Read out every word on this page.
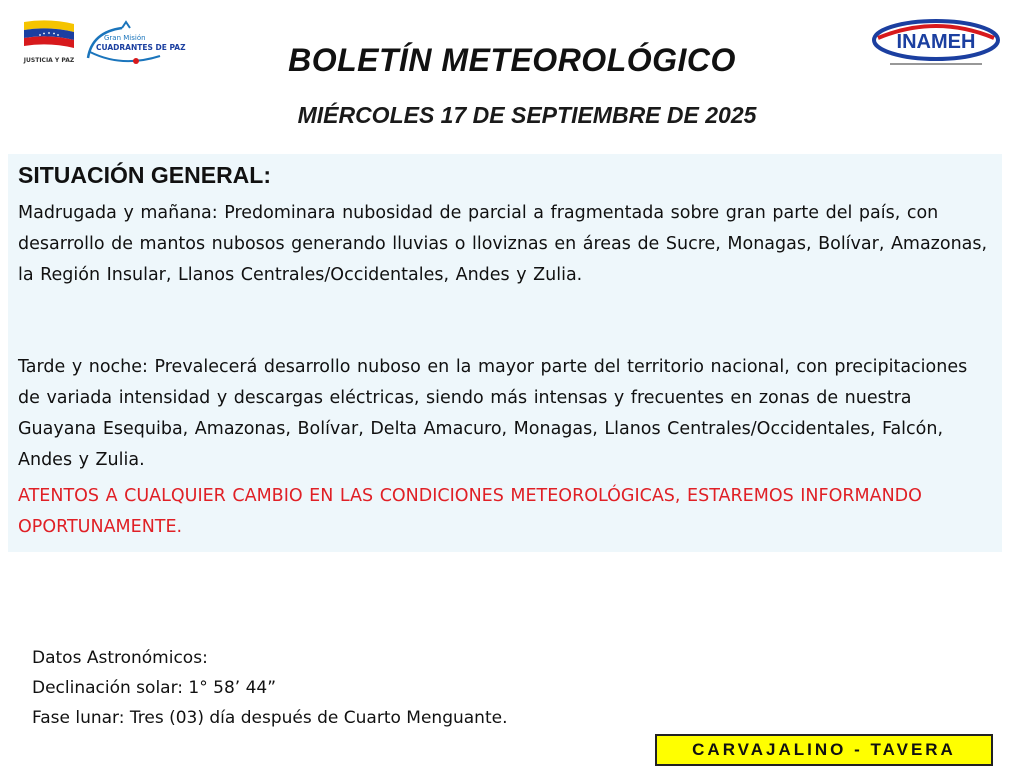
JUSTICIA Y PAZ
Gran Misión
CUADRANTES DE PAZ	INAMEH
BOLETÍN METEOROLÓGICO
MIÉRCOLES 17 DE SEPTIEMBRE DE 2025
SITUACIÓN GENERAL:

Madrugada y mañana: Predominara nubosidad de parcial a fragmentada sobre gran parte del país, con desarrollo de mantos nubosos generando lluvias o lloviznas en áreas de Sucre, Monagas, Bolívar, Amazonas, la Región Insular, Llanos Centrales/Occidentales, Andes y Zulia.

Tarde y noche: Prevalecerá desarrollo nuboso en la mayor parte del territorio nacional, con precipitaciones de variada intensidad y descargas eléctricas, siendo más intensas y frecuentes en zonas de nuestra Guayana Esequiba, Amazonas, Bolívar, Delta Amacuro, Monagas, Llanos Centrales/Occidentales, Falcón, Andes y Zulia.

ATENTOS A CUALQUIER CAMBIO EN LAS CONDICIONES METEOROLÓGICAS, ESTAREMOS INFORMANDO OPORTUNAMENTE.

Datos Astronómicos:
Declinación solar: 1° 58’ 44”
Fase lunar: Tres (03) día después de Cuarto Menguante.
CARVAJALINO - TAVERA
